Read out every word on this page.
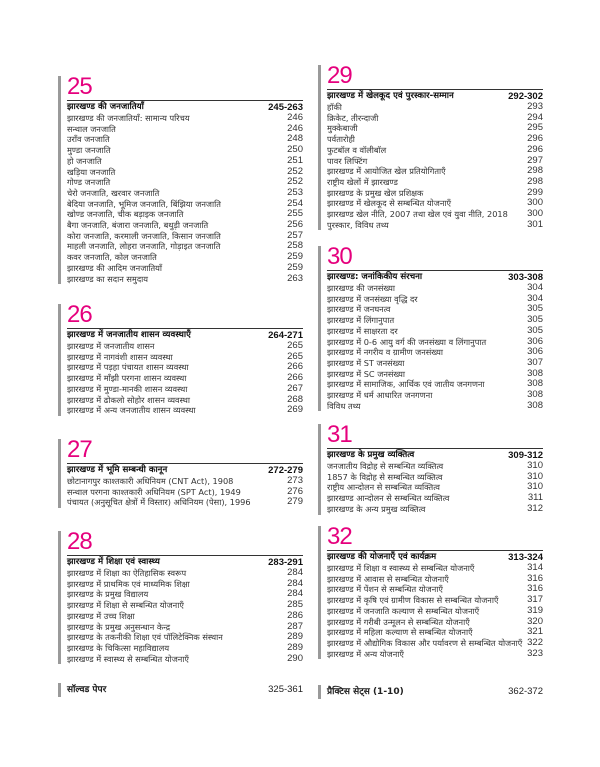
25
झारखण्ड की जनजातियाँ	245-263
झारखण्ड की जनजातियाँ: सामान्य परिचय	246
सन्थाल जनजाति	246
उराँव जनजाति	248
मुण्डा जनजाति	250
हो जनजाति	251
खड़िया जनजाति	252
गोण्ड जनजाति	252
चेरो जनजाति, खरवार जनजाति	253
बेदिया जनजाति, भूमिज जनजाति, बिंझिया जनजाति	254
खोण्ड जनजाति, चीक बड़ाइक जनजाति	255
बैगा जनजाति, बंजारा जनजाति, बथुड़ी जनजाति	256
कोरा जनजाति, करमाली जनजाति, किसान जनजाति	257
माहली जनजाति, लोहरा जनजाति, गोड़ाइत जनजाति	258
कवर जनजाति, कोल जनजाति	259
झारखण्ड की आदिम जनजातियाँ	259
झारखण्ड का सदान समुदाय	263
26
झारखण्ड में जनजातीय शासन व्यवस्थाएँ	264-271
झारखण्ड में जनजातीय शासन	265
झारखण्ड में नागवंशी शासन व्यवस्था	265
झारखण्ड में पड़हा पंचायत शासन व्यवस्था	266
झारखण्ड में माँझी परगना शासन व्यवस्था	266
झारखण्ड में मुण्डा-मानकी शासन व्यवस्था	267
झारखण्ड में ढोकलो सोहोर शासन व्यवस्था	268
झारखण्ड में अन्य जनजातीय शासन व्यवस्था	269
27
झारखण्ड में भूमि सम्बन्धी कानून	272-279
छोटानागपुर काश्तकारी अधिनियम (CNT Act), 1908	273
सन्थाल परगना काश्तकारी अधिनियम (SPT Act), 1949	276
पंचायत (अनुसूचित क्षेत्रों में विस्तार) अधिनियम (पेसा), 1996	279
28
झारखण्ड में शिक्षा एवं स्वास्थ्य	283-291
झारखण्ड में शिक्षा का ऐतिहासिक स्वरूप	284
झारखण्ड में प्राथमिक एवं माध्यमिक शिक्षा	284
झारखण्ड के प्रमुख विद्यालय	284
झारखण्ड में शिक्षा से सम्बन्धित योजनाएँ	285
झारखण्ड में उच्च शिक्षा	286
झारखण्ड के प्रमुख अनुसन्धान केन्द्र	287
झारखण्ड के तकनीकी शिक्षा एवं पॉलिटेक्निक संस्थान	289
झारखण्ड के चिकित्सा महाविद्यालय	289
झारखण्ड में स्वास्थ्य से सम्बन्धित योजनाएँ	290
29
झारखण्ड में खेलकूद एवं पुरस्कार-सम्मान	292-302
हॉकी	293
क्रिकेट, तीरन्दाजी	294
मुक्केबाजी	295
पर्वतारोही	296
फुटबॉल व वॉलीबॉल	296
पावर लिफ्टिंग	297
झारखण्ड में आयोजित खेल प्रतियोगिताएँ	298
राष्ट्रीय खेलों में झारखण्ड	298
झारखण्ड के प्रमुख खेल प्रशिक्षक	299
झारखण्ड में खेलकूद से सम्बन्धित योजनाएँ	300
झारखण्ड खेल नीति, 2007 तथा खेल एवं युवा नीति, 2018	300
पुरस्कार, विविध तथ्य	301
30
झारखण्ड: जनांकिकीय संरचना	303-308
झारखण्ड की जनसंख्या	304
झारखण्ड में जनसंख्या वृद्धि दर	304
झारखण्ड में जनघनत्व	305
झारखण्ड में लिंगानुपात	305
झारखण्ड में साक्षरता दर	305
झारखण्ड में 0-6 आयु वर्ग की जनसंख्या व लिंगानुपात	306
झारखण्ड में नगरीय व ग्रामीण जनसंख्या	306
झारखण्ड में ST जनसंख्या	307
झारखण्ड में SC जनसंख्या	308
झारखण्ड में सामाजिक, आर्थिक एवं जातीय जनगणना	308
झारखण्ड में धर्म आधारित जनगणना	308
विविध तथ्य	308
31
झारखण्ड के प्रमुख व्यक्तित्व	309-312
जनजातीय विद्रोह से सम्बन्धित व्यक्तित्व	310
1857 के विद्रोह से सम्बन्धित व्यक्तित्व	310
राष्ट्रीय आन्दोलन से सम्बन्धित व्यक्तित्व	310
झारखण्ड आन्दोलन से सम्बन्धित व्यक्तित्व	311
झारखण्ड के अन्य प्रमुख व्यक्तित्व	312
32
झारखण्ड की योजनाएँ एवं कार्यक्रम	313-324
झारखण्ड में शिक्षा व स्वास्थ्य से सम्बन्धित योजनाएँ	314
झारखण्ड में आवास से सम्बन्धित योजनाएँ	316
झारखण्ड में पेंशन से सम्बन्धित योजनाएँ	316
झारखण्ड में कृषि एवं ग्रामीण विकास से सम्बन्धित योजनाएँ	317
झारखण्ड में जनजाति कल्याण से सम्बन्धित योजनाएँ	319
झारखण्ड में गरीबी उन्मूलन से सम्बन्धित योजनाएँ	320
झारखण्ड में महिला कल्याण से सम्बन्धित योजनाएँ	321
झारखण्ड में औद्योगिक विकास और पर्यावरण से सम्बन्धित योजनाएँ 322
झारखण्ड में अन्य योजनाएँ	323
सॉल्वड पेपर	325-361	प्रैक्टिस सेट्स (1-10)	362-372
